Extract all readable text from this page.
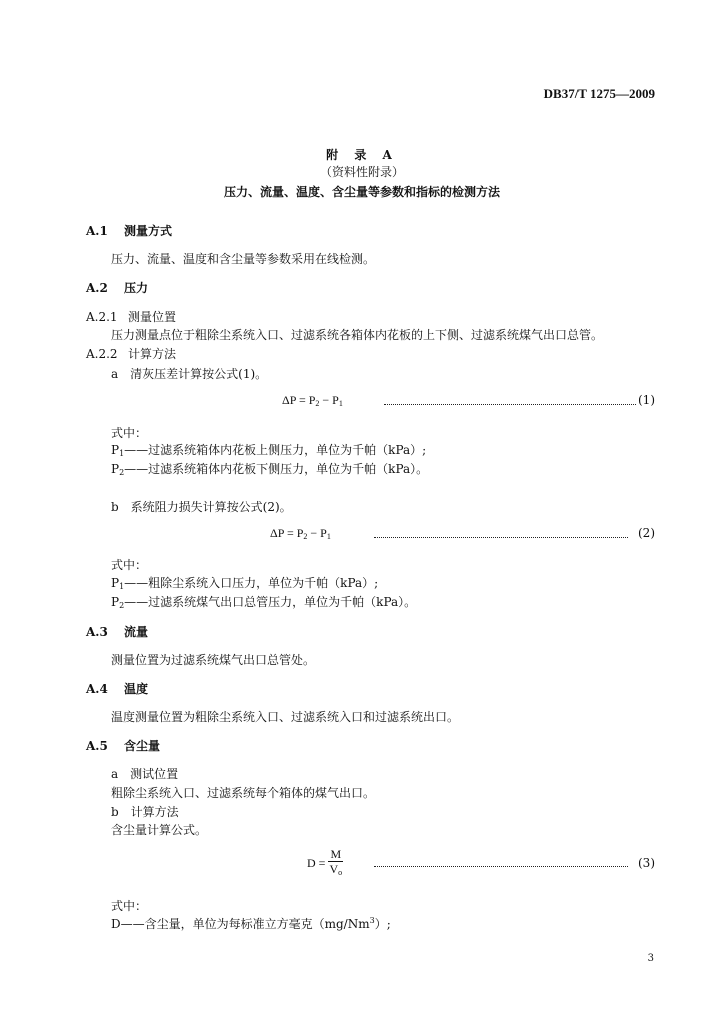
DB37/T 1275—2009
附 录 A
（资料性附录）
压力、流量、温度、含尘量等参数和指标的检测方法
A.1 测量方式
压力、流量、温度和含尘量等参数采用在线检测。
A.2 压力
A.2.1 测量位置
压力测量点位于粗除尘系统入口、过滤系统各箱体内花板的上下侧、过滤系统煤气出口总管。
A.2.2 计算方法
a　清灰压差计算按公式(1)。
$\Delta P = P_2 - P_1$	(1)
式中：
$P_1——$过滤系统箱体内花板上侧压力，单位为千帕（kPa）;
$P_2——$过滤系统箱体内花板下侧压力，单位为千帕（kPa）。
b　系统阻力损失计算按公式(2)。
$\Delta P = P_2 - P_1$	(2)
式中：
$P_1——$粗除尘系统入口压力，单位为千帕（kPa）;
$P_2——$过滤系统煤气出口总管压力，单位为千帕（kPa）。
A.3 流量
测量位置为过滤系统煤气出口总管处。
A.4 温度
温度测量位置为粗除尘系统入口、过滤系统入口和过滤系统出口。
A.5 含尘量
a　测试位置
粗除尘系统入口、过滤系统每个箱体的煤气出口。
b　计算方法
含尘量计算公式。
$D = \frac{M}{V_o}$	(3)
式中：
D——含尘量，单位为每标准立方毫克（mg/Nm$^3$）;
3
